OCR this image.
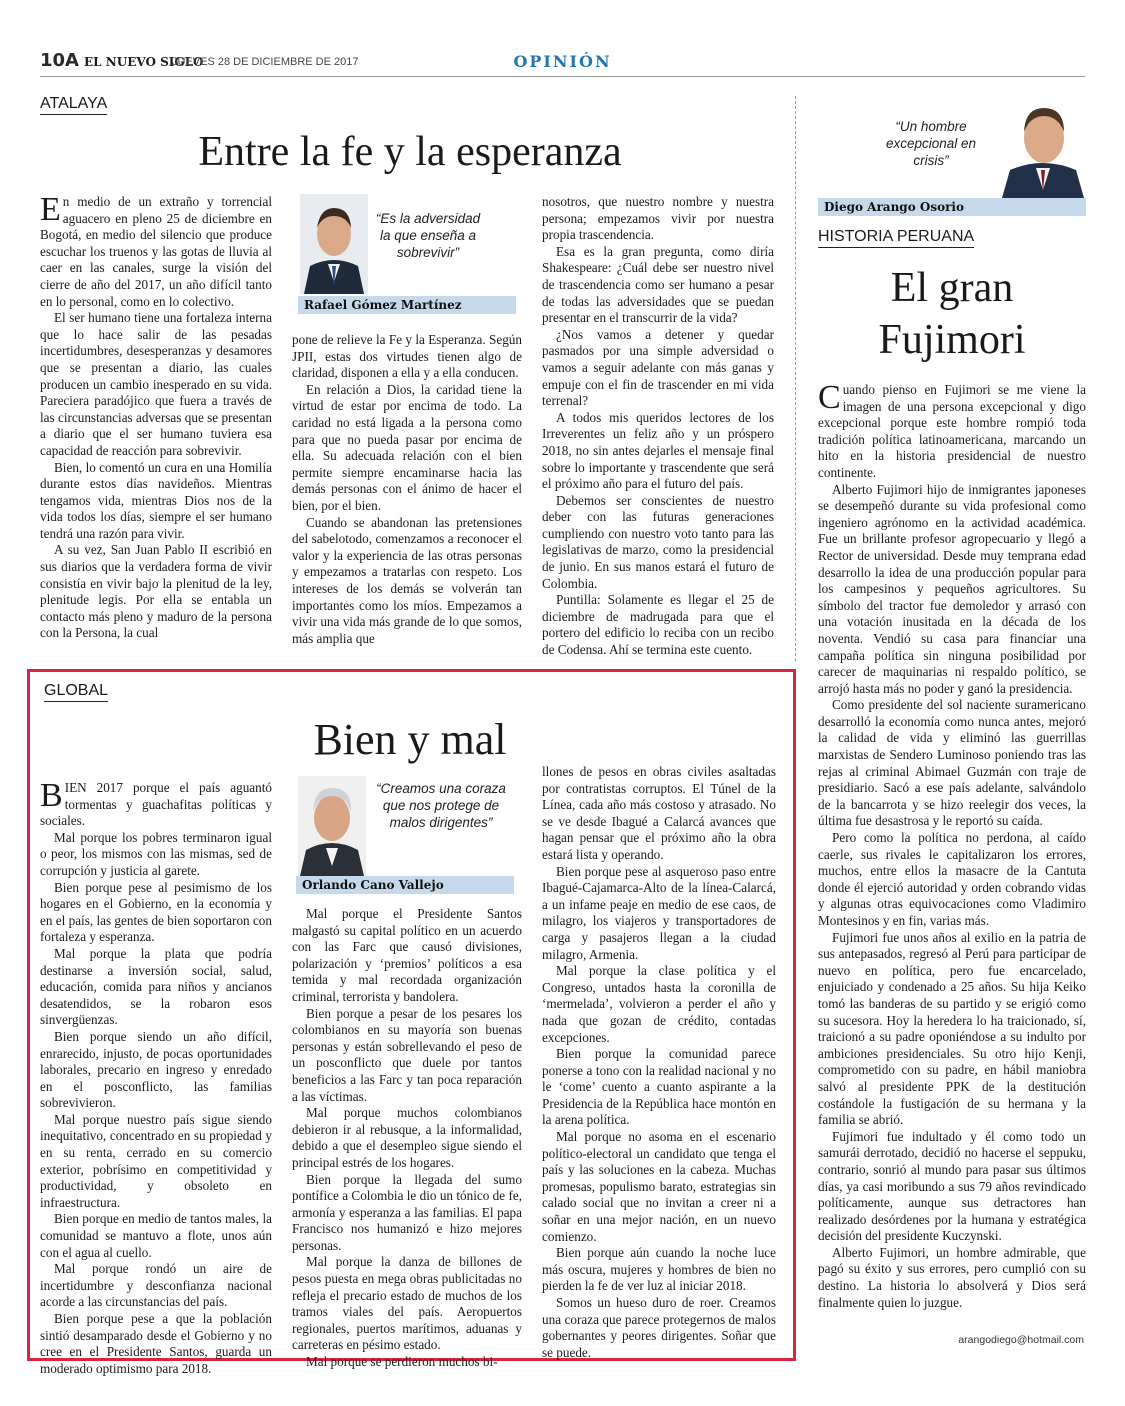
10A EL NUEVO SIGLO
JUEVES 28 DE DICIEMBRE DE 2017	OPINIÓN
ATALAYA
Entre la fe y la esperanza

En medio de un extraño y torrencial aguacero en pleno 25 de diciembre en Bogotá, en medio del silencio que produce escuchar los truenos y las gotas de lluvia al caer en las canales, surge la visión del cierre de año del 2017, un año difícil tanto en lo personal, como en lo colectivo.

El ser humano tiene una fortaleza interna que lo hace salir de las pesadas incertidumbres, desesperanzas y desamores que se presentan a diario, las cuales producen un cambio inesperado en su vida. Pareciera paradójico que fuera a través de las circunstancias adversas que se presentan a diario que el ser humano tuviera esa capacidad de reacción para sobrevivir.

Bien, lo comentó un cura en una Homilía durante estos días navideños. Mientras tengamos vida, mientras Dios nos de la vida todos los días, siempre el ser humano tendrá una razón para vivir.

A su vez, San Juan Pablo II escribió en sus diarios que la verdadera forma de vivir consistía en vivir bajo la plenitud de la ley, plenitude legis. Por ella se entabla un contacto más pleno y maduro de la persona con la Persona, la cual

“Es la adversidad la que enseña a sobrevivir”
Rafael Gómez Martínez

pone de relieve la Fe y la Esperanza. Según JPII, estas dos virtudes tienen algo de claridad, disponen a ella y a ella conducen.

En relación a Dios, la caridad tiene la virtud de estar por encima de todo. La caridad no está ligada a la persona como para que no pueda pasar por encima de ella. Su adecuada relación con el bien permite siempre encaminarse hacia las demás personas con el ánimo de hacer el bien, por el bien.

Cuando se abandonan las pretensiones del sabelotodo, comenzamos a reconocer el valor y la experiencia de las otras personas y empezamos a tratarlas con respeto. Los intereses de los demás se volverán tan importantes como los míos. Empezamos a vivir una vida más grande de lo que somos, más amplia que

nosotros, que nuestro nombre y nuestra persona; empezamos vivir por nuestra propia trascendencia.

Esa es la gran pregunta, como diría Shakespeare: ¿Cuál debe ser nuestro nivel de trascendencia como ser humano a pesar de todas las adversidades que se puedan presentar en el transcurrir de la vida?

¿Nos vamos a detener y quedar pasmados por una simple adversidad o vamos a seguir adelante con más ganas y empuje con el fin de trascender en mi vida terrenal?

A todos mis queridos lectores de los Irreverentes un feliz año y un próspero 2018, no sin antes dejarles el mensaje final sobre lo importante y trascendente que será el próximo año para el futuro del país.

Debemos ser conscientes de nuestro deber con las futuras generaciones cumpliendo con nuestro voto tanto para las legislativas de marzo, como la presidencial de junio. En sus manos estará el futuro de Colombia.

Puntilla: Solamente es llegar el 25 de diciembre de madrugada para que el portero del edificio lo reciba con un recibo de Codensa. Ahí se termina este cuento.

GLOBAL
Bien y mal

BIEN 2017 porque el país aguantó tormentas y guachafitas políticas y sociales.

Mal porque los pobres terminaron igual o peor, los mismos con las mismas, sed de corrupción y justicia al garete.

Bien porque pese al pesimismo de los hogares en el Gobierno, en la economía y en el país, las gentes de bien soportaron con fortaleza y esperanza.

Mal porque la plata que podría destinarse a inversión social, salud, educación, comida para niños y ancianos desatendidos, se la robaron esos sinvergüenzas.

Bien porque siendo un año difícil, enrarecido, injusto, de pocas oportunidades laborales, precario en ingreso y enredado en el posconflicto, las familias sobrevivieron.

Mal porque nuestro país sigue siendo inequitativo, concentrado en su propiedad y en su renta, cerrado en su comercio exterior, pobrísimo en competitividad y productividad, y obsoleto en infraestructura.

Bien porque en medio de tantos males, la comunidad se mantuvo a flote, unos aún con el agua al cuello.

Mal porque rondó un aire de incertidumbre y desconfianza nacional acorde a las circunstancias del país.

Bien porque pese a que la población sintió desamparado desde el Gobierno y no cree en el Presidente Santos, guarda un moderado optimismo para 2018.

“Creamos una coraza que nos protege de malos dirigentes”
Orlando Cano Vallejo

Mal porque el Presidente Santos malgastó su capital político en un acuerdo con las Farc que causó divisiones, polarización y ‘premios’ políticos a esa temida y mal recordada organización criminal, terrorista y bandolera.

Bien porque a pesar de los pesares los colombianos en su mayoría son buenas personas y están sobrellevando el peso de un posconflicto que duele por tantos beneficios a las Farc y tan poca reparación a las víctimas.

Mal porque muchos colombianos debieron ir al rebusque, a la informalidad, debido a que el desempleo sigue siendo el principal estrés de los hogares.

Bien porque la llegada del sumo pontífice a Colombia le dio un tónico de fe, armonía y esperanza a las familias. El papa Francisco nos humanizó e hizo mejores personas.

Mal porque la danza de billones de pesos puesta en mega obras publicitadas no refleja el precario estado de muchos de los tramos viales del país. Aeropuertos regionales, puertos marítimos, aduanas y carreteras en pésimo estado.

Mal porque se perdieron muchos bi-

llones de pesos en obras civiles asaltadas por contratistas corruptos. El Túnel de la Línea, cada año más costoso y atrasado. No se ve desde Ibagué a Calarcá avances que hagan pensar que el próximo año la obra estará lista y operando.

Bien porque pese al asqueroso paso entre Ibagué-Cajamarca-Alto de la línea-Calarcá, a un infame peaje en medio de ese caos, de milagro, los viajeros y transportadores de carga y pasajeros llegan a la ciudad milagro, Armenia.

Mal porque la clase política y el Congreso, untados hasta la coronilla de ‘mermelada’, volvieron a perder el año y nada que gozan de crédito, contadas excepciones.

Bien porque la comunidad parece ponerse a tono con la realidad nacional y no le ‘come’ cuento a cuanto aspirante a la Presidencia de la República hace montón en la arena política.

Mal porque no asoma en el escenario político-electoral un candidato que tenga el país y las soluciones en la cabeza. Muchas promesas, populismo barato, estrategias sin calado social que no invitan a creer ni a soñar en una mejor nación, en un nuevo comienzo.

Bien porque aún cuando la noche luce más oscura, mujeres y hombres de bien no pierden la fe de ver luz al iniciar 2018.

Somos un hueso duro de roer. Creamos una coraza que parece protegernos de malos gobernantes y peores dirigentes. Soñar que se puede.

“Un hombre excepcional en crisis”
Diego Arango Osorio
HISTORIA PERUANA
El gran Fujimori

Cuando pienso en Fujimori se me viene la imagen de una persona excepcional y digo excepcional porque este hombre rompió toda tradición política latinoamericana, marcando un hito en la historia presidencial de nuestro continente.

Alberto Fujimori hijo de inmigrantes japoneses se desempeñó durante su vida profesional como ingeniero agrónomo en la actividad académica. Fue un brillante profesor agropecuario y llegó a Rector de universidad. Desde muy temprana edad desarrollo la idea de una producción popular para los campesinos y pequeños agricultores. Su símbolo del tractor fue demoledor y arrasó con una votación inusitada en la década de los noventa. Vendió su casa para financiar una campaña política sin ninguna posibilidad por carecer de maquinarias ni respaldo político, se arrojó hasta más no poder y ganó la presidencia.

Como presidente del sol naciente suramericano desarrolló la economía como nunca antes, mejoró la calidad de vida y eliminó las guerrillas marxistas de Sendero Luminoso poniendo tras las rejas al criminal Abimael Guzmán con traje de presidiario. Sacó a ese país adelante, salvándolo de la bancarrota y se hizo reelegir dos veces, la última fue desastrosa y le reportó su caída.

Pero como la política no perdona, al caído caerle, sus rivales le capitalizaron los errores, muchos, entre ellos la masacre de la Cantuta donde él ejerció autoridad y orden cobrando vidas y algunas otras equivocaciones como Vladimiro Montesinos y en fin, varias más.

Fujimori fue unos años al exilio en la patria de sus antepasados, regresó al Perú para participar de nuevo en política, pero fue encarcelado, enjuiciado y condenado a 25 años. Su hija Keiko tomó las banderas de su partido y se erigió como su sucesora. Hoy la heredera lo ha traicionado, sí, traicionó a su padre oponiéndose a su indulto por ambiciones presidenciales. Su otro hijo Kenji, comprometido con su padre, en hábil maniobra salvó al presidente PPK de la destitución costándole la fustigación de su hermana y la familia se abrió.

Fujimori fue indultado y él como todo un samurái derrotado, decidió no hacerse el seppuku, contrario, sonrió al mundo para pasar sus últimos días, ya casi moribundo a sus 79 años revindicado políticamente, aunque sus detractores han realizado desórdenes por la humana y estratégica decisión del presidente Kuczynski.

Alberto Fujimori, un hombre admirable, que pagó su éxito y sus errores, pero cumplió con su destino. La historia lo absolverá y Dios será finalmente quien lo juzgue.

arangodiego@hotmail.com
